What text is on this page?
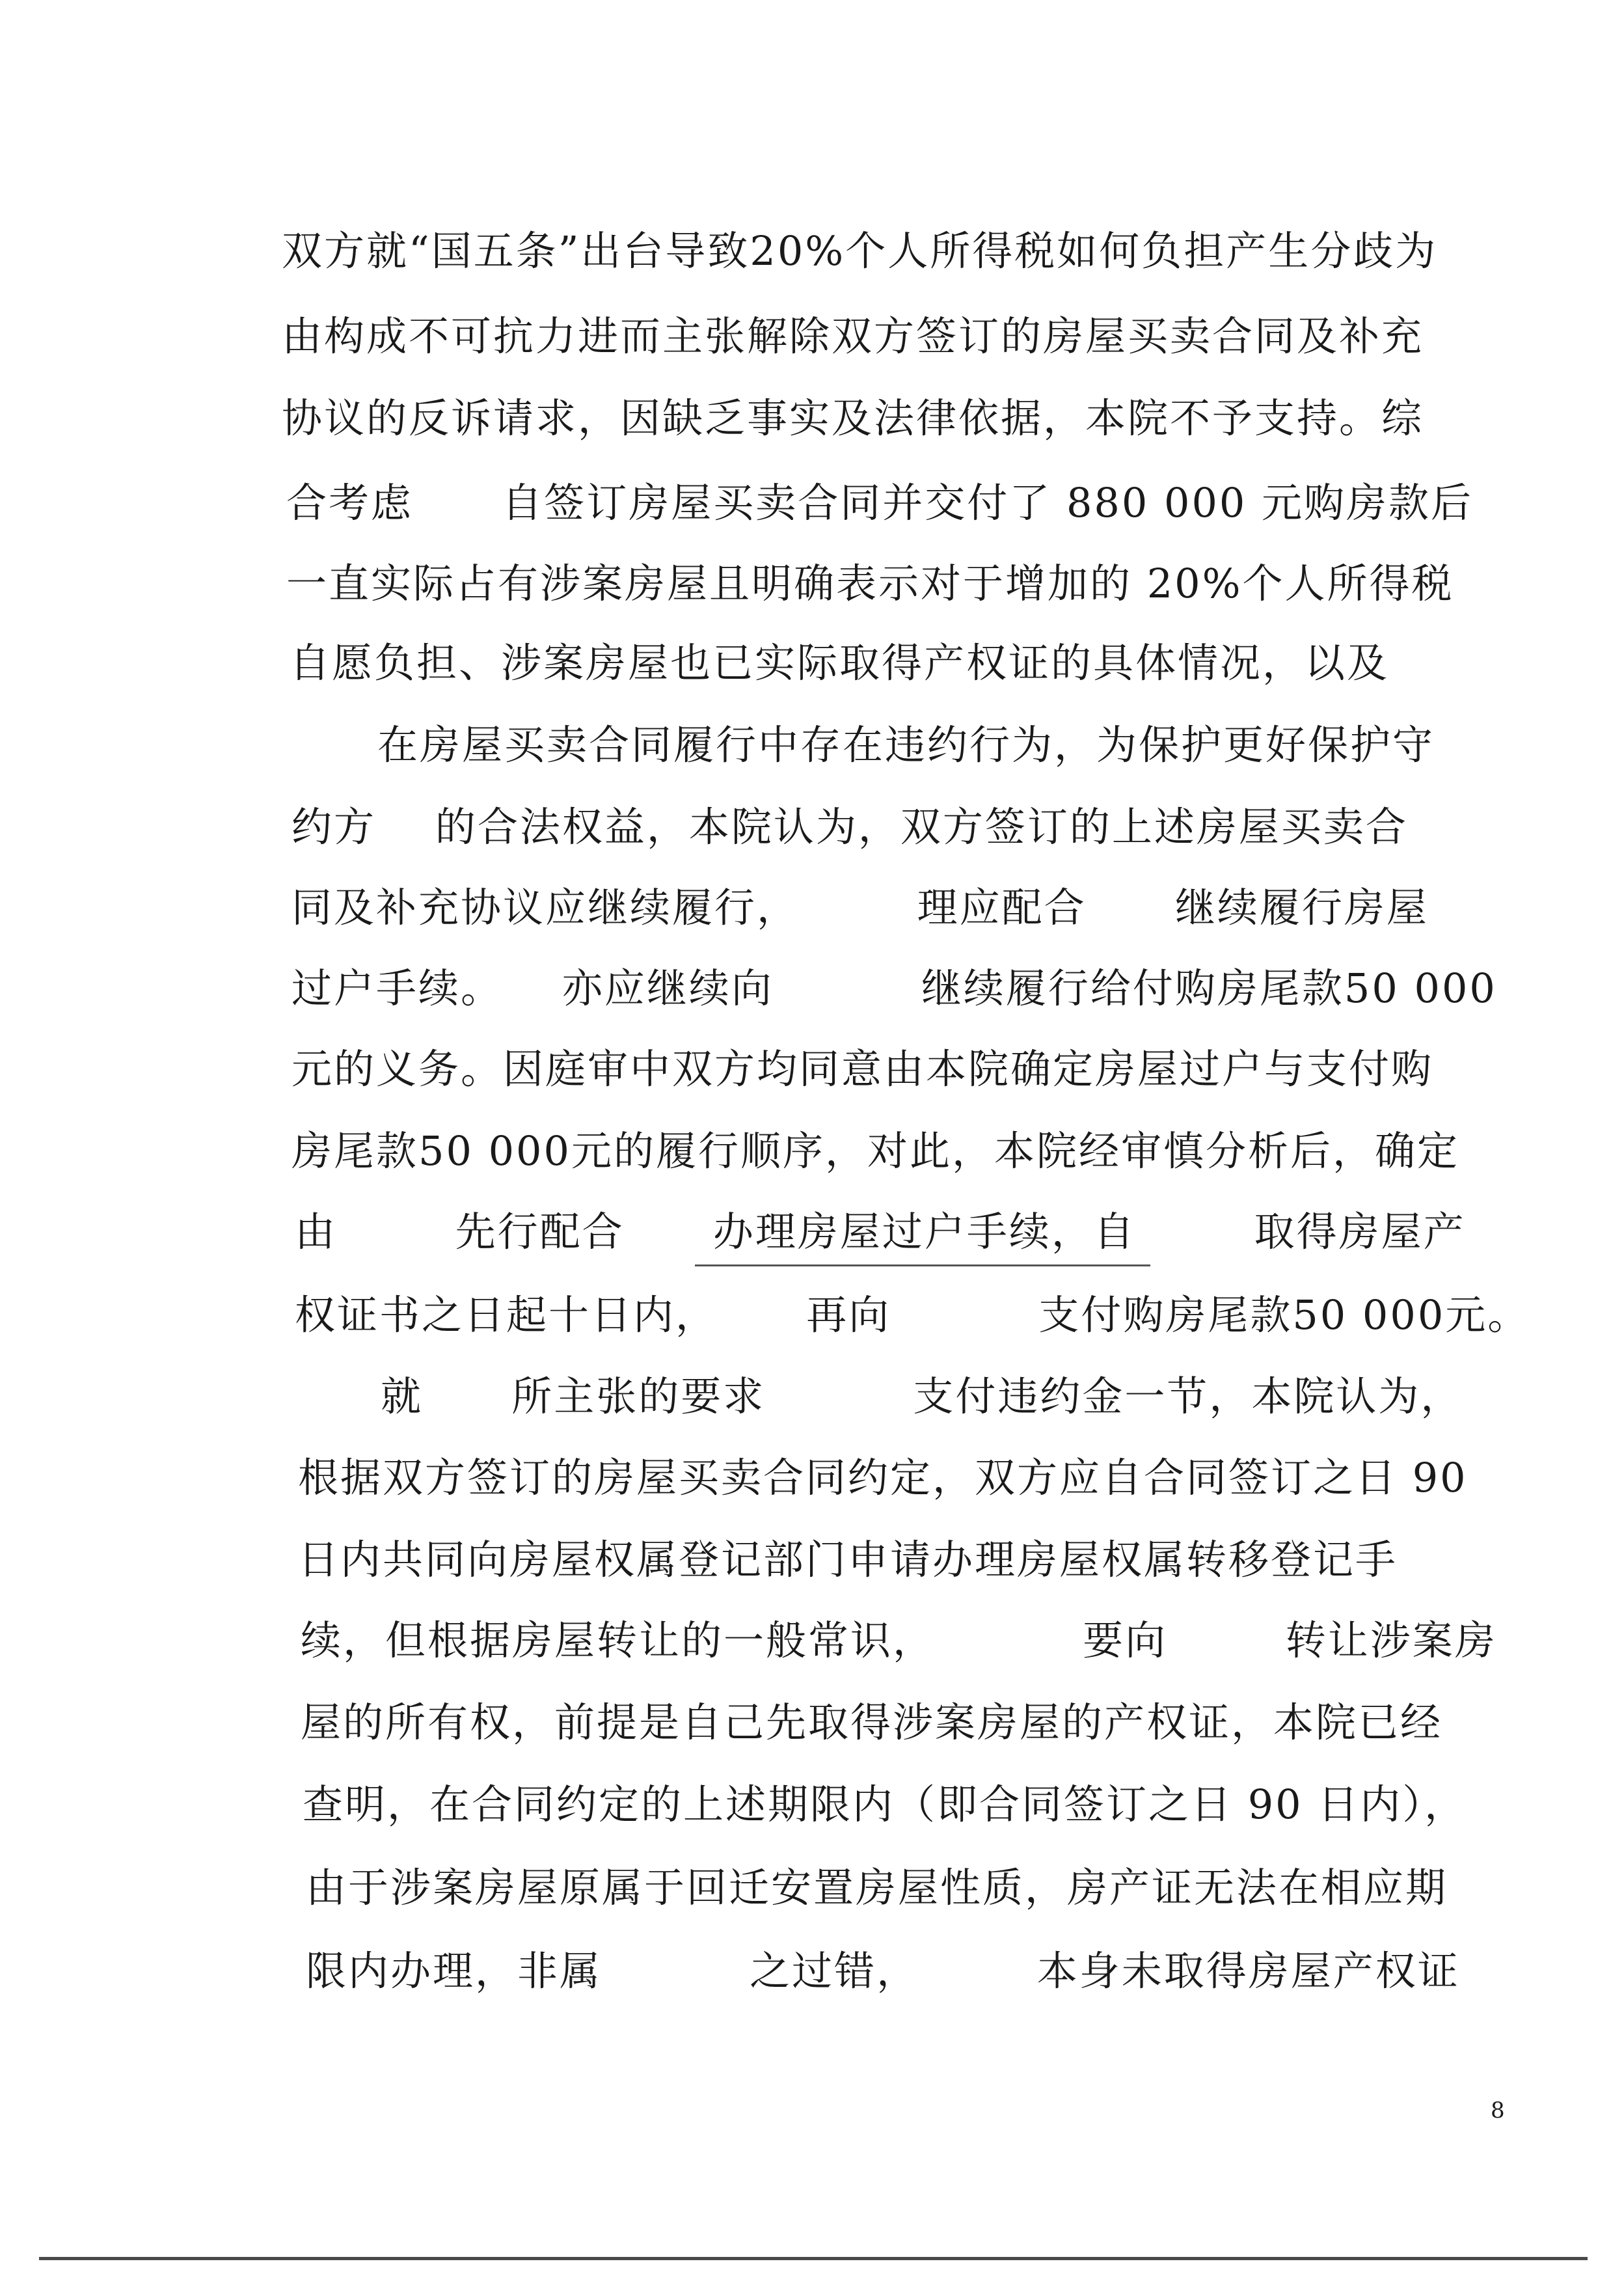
双方就“国五条”出台导致20%个人所得税如何负担产生分歧为
由构成不可抗力进而主张解除双方签订的房屋买卖合同及补充
协议的反诉请求，因缺乏事实及法律依据，本院不予支持。综
合考虑      自签订房屋买卖合同并交付了 880 000 元购房款后
一直实际占有涉案房屋且明确表示对于增加的 20%个人所得税
自愿负担、涉案房屋也已实际取得产权证的具体情况，以及
在房屋买卖合同履行中存在违约行为，为保护更好保护守
约方    的合法权益，本院认为，双方签订的上述房屋买卖合
同及补充协议应继续履行，        理应配合      继续履行房屋
过户手续。    亦应继续向          继续履行给付购房尾款50 000
元的义务。因庭审中双方均同意由本院确定房屋过户与支付购
房尾款50 000元的履行顺序，对此，本院经审慎分析后，确定
由        先行配合      办理房屋过户手续，自        取得房屋产
权证书之日起十日内，      再向          支付购房尾款50 000元。
就      所主张的要求          支付违约金一节，本院认为，
根据双方签订的房屋买卖合同约定，双方应自合同签订之日 90
日内共同向房屋权属登记部门申请办理房屋权属转移登记手
续，但根据房屋转让的一般常识，          要向        转让涉案房
屋的所有权，前提是自己先取得涉案房屋的产权证，本院已经
查明，在合同约定的上述期限内（即合同签订之日 90 日内），
由于涉案房屋原属于回迁安置房屋性质，房产证无法在相应期
限内办理，非属          之过错，        本身未取得房屋产权证
8
